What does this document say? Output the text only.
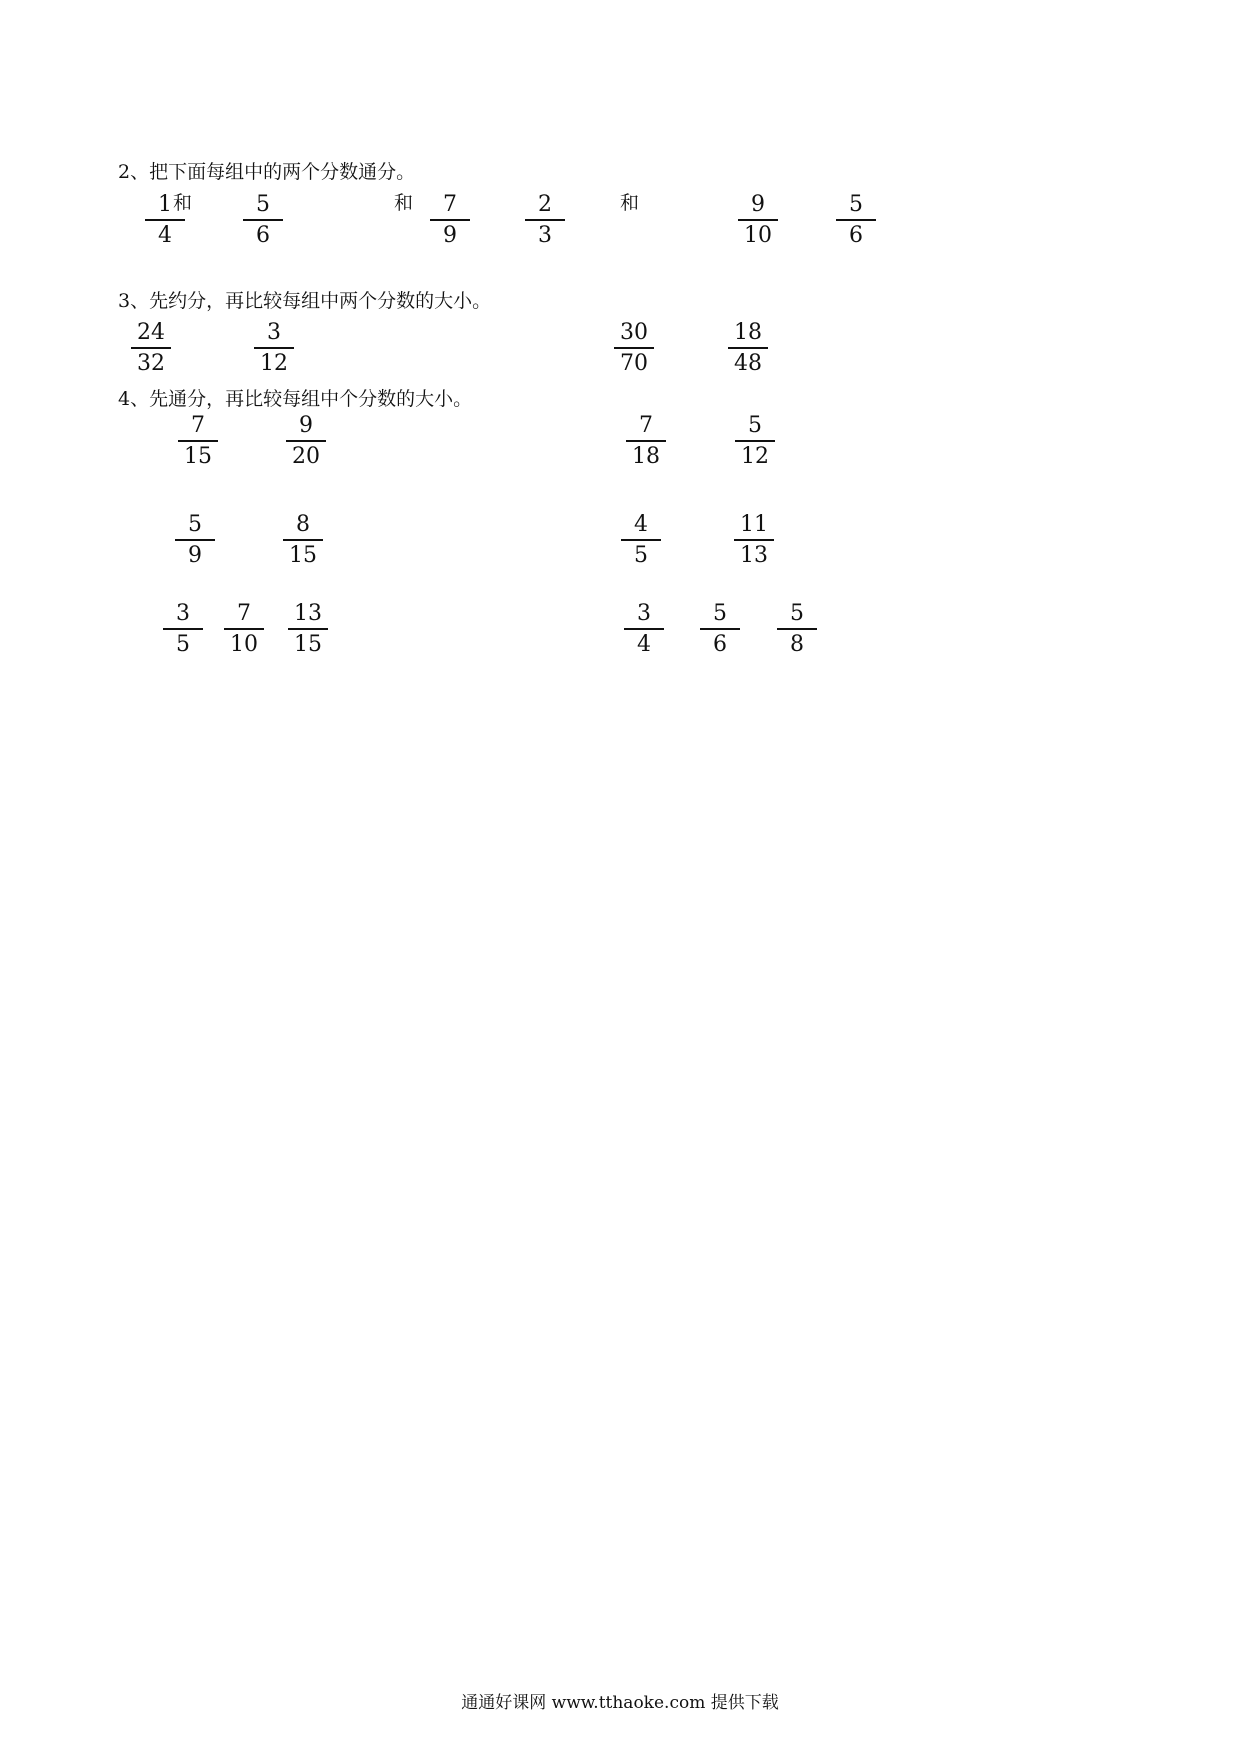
2、把下面每组中的两个分数通分。
1
4
和	5
6
和	7
9
2
3
和	9
10
5
6
3、先约分，再比较每组中两个分数的大小。
24
32
3
12
30
70
18
48
4、先通分，再比较每组中个分数的大小。
7
15
9
20
7
18
5
12
5
9
8
15
4
5
11
13
3
5
7
10
13
15
3
4
5
6
5
8
通通好课网 www.tthaoke.com 提供下载
